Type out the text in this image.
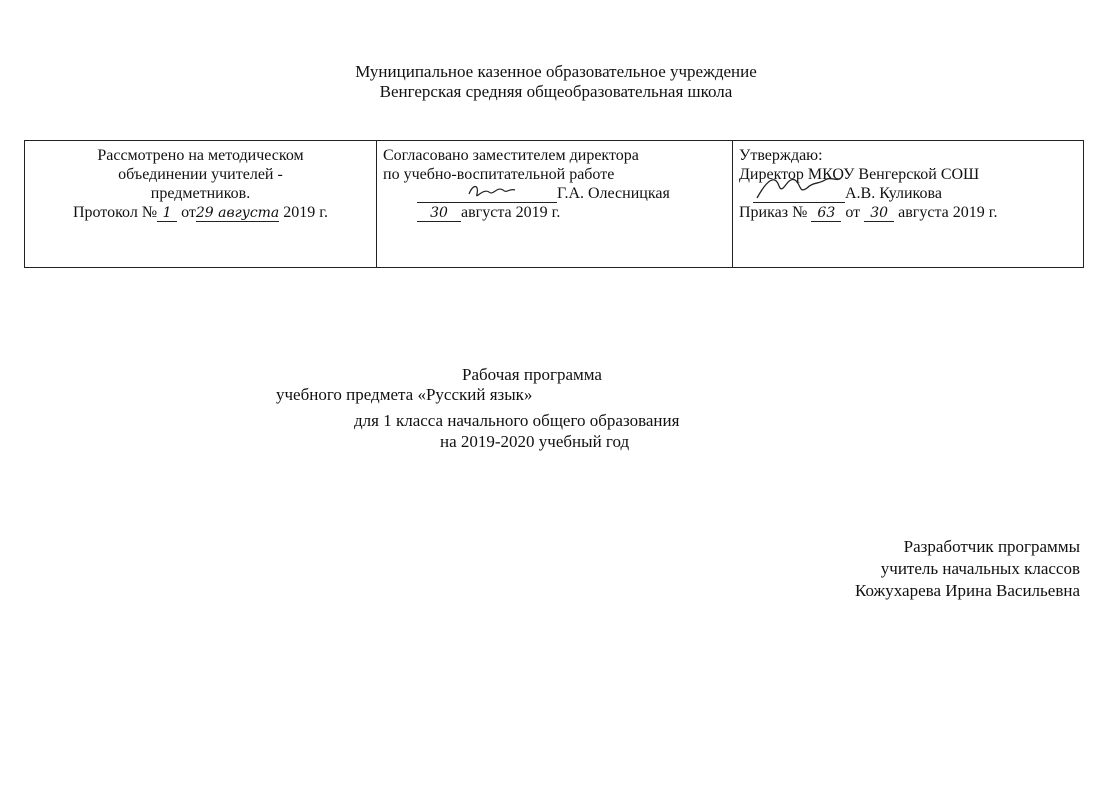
Муниципальное казенное образовательное учреждение
Венгерская средняя общеобразовательная школа
Рассмотрено на методическом
объединении учителей -
предметников.
Протокол № 1 от29 августа 2019 г.
Согласовано заместителем директора
по учебно-воспитательной работе
Г.А. Олесницкая
30 августа 2019 г.
Утверждаю:
Директор МКОУ Венгерской СОШ
А.В. Куликова
Приказ № 63 от 30 августа 2019 г.
Рабочая программа
учебного предмета «Русский язык»
для 1 класса начального общего образования
на 2019-2020 учебный год
Разработчик программы
учитель начальных классов
Кожухарева Ирина Васильевна
